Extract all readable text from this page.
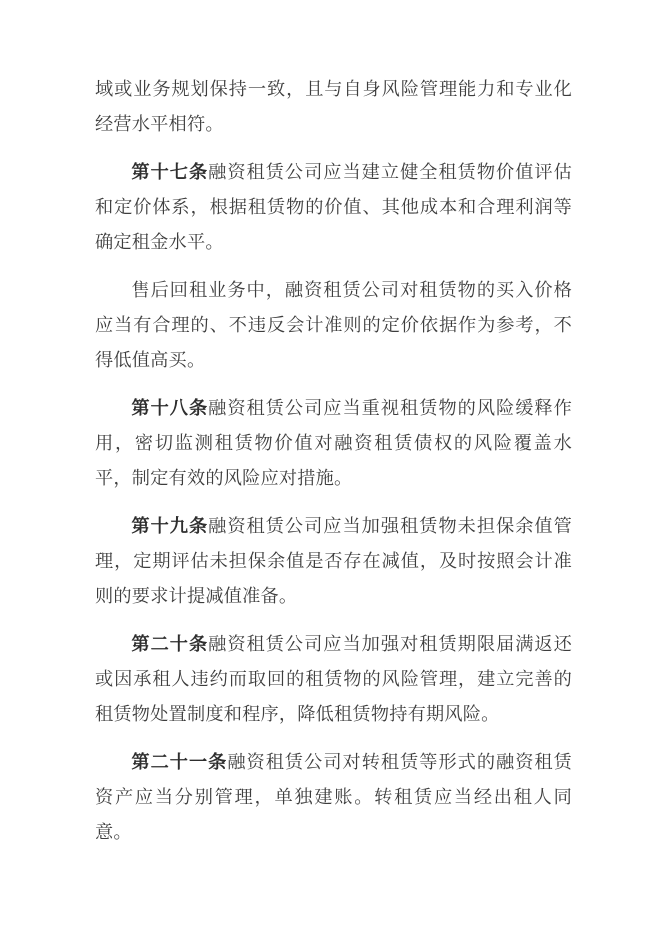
域或业务规划保持一致，且与自身风险管理能力和专业化经营水平相符。

第十七条融资租赁公司应当建立健全租赁物价值评估和定价体系，根据租赁物的价值、其他成本和合理利润等确定租金水平。

售后回租业务中，融资租赁公司对租赁物的买入价格应当有合理的、不违反会计准则的定价依据作为参考，不得低值高买。

第十八条融资租赁公司应当重视租赁物的风险缓释作用，密切监测租赁物价值对融资租赁债权的风险覆盖水平，制定有效的风险应对措施。

第十九条融资租赁公司应当加强租赁物未担保余值管理，定期评估未担保余值是否存在减值，及时按照会计准则的要求计提减值准备。

第二十条融资租赁公司应当加强对租赁期限届满返还或因承租人违约而取回的租赁物的风险管理，建立完善的租赁物处置制度和程序，降低租赁物持有期风险。

第二十一条融资租赁公司对转租赁等形式的融资租赁资产应当分别管理，单独建账。转租赁应当经出租人同意。
